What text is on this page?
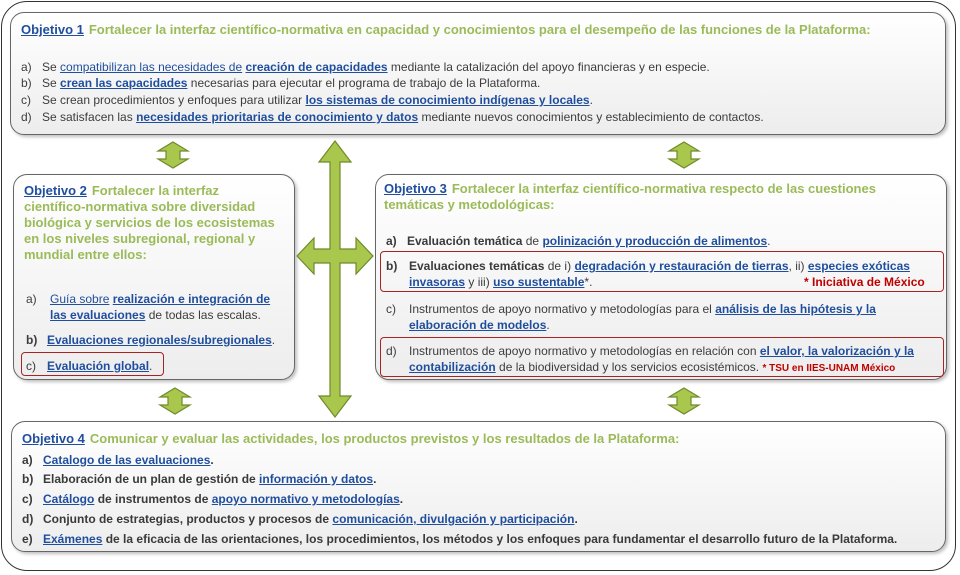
Objetivo 1 Fortalecer la interfaz científico-normativa en capacidad y conocimientos para el desempeño de las funciones de la Plataforma:
a) Se compatibilizan las necesidades de creación de capacidades mediante la catalización del apoyo financieras y en especie.
b) Se crean las capacidades necesarias para ejecutar el programa de trabajo de la Plataforma.
c) Se crean procedimientos y enfoques para utilizar los sistemas de conocimiento indígenas y locales.
d) Se satisfacen las necesidades prioritarias de conocimiento y datos mediante nuevos conocimientos y establecimiento de contactos.
Objetivo 2 Fortalecer la interfaz científico-normativa sobre diversidad biológica y servicios de los ecosistemas en los niveles subregional, regional y mundial entre ellos:
a)	Guía sobre realización e integración de las evaluaciones de todas las escalas.
b) Evaluaciones regionales/subregionales.
c) Evaluación global.
Objetivo 3 Fortalecer la interfaz científico-normativa respecto de las cuestiones temáticas y metodológicas:
a) Evaluación temática de polinización y producción de alimentos.
b) Evaluaciones temáticas de i) degradación y restauración de tierras, ii) especies exóticas invasoras y iii) uso sustentable*.	* Iniciativa de México
c)	Instrumentos de apoyo normativo y metodologías para el análisis de las hipótesis y la elaboración de modelos.
d)	Instrumentos de apoyo normativo y metodologías en relación con el valor, la valorización y la contabilización de la biodiversidad y los servicios ecosistémicos. * TSU en IIES-UNAM México
Objetivo 4 Comunicar y evaluar las actividades, los productos previstos y los resultados de la Plataforma:
a) Catalogo de las evaluaciones.
b) Elaboración de un plan de gestión de información y datos.
c) Catálogo de instrumentos de apoyo normativo y metodologías.
d) Conjunto de estrategias, productos y procesos de comunicación, divulgación y participación.
e) Exámenes de la eficacia de las orientaciones, los procedimientos, los métodos y los enfoques para fundamentar el desarrollo futuro de la Plataforma.
